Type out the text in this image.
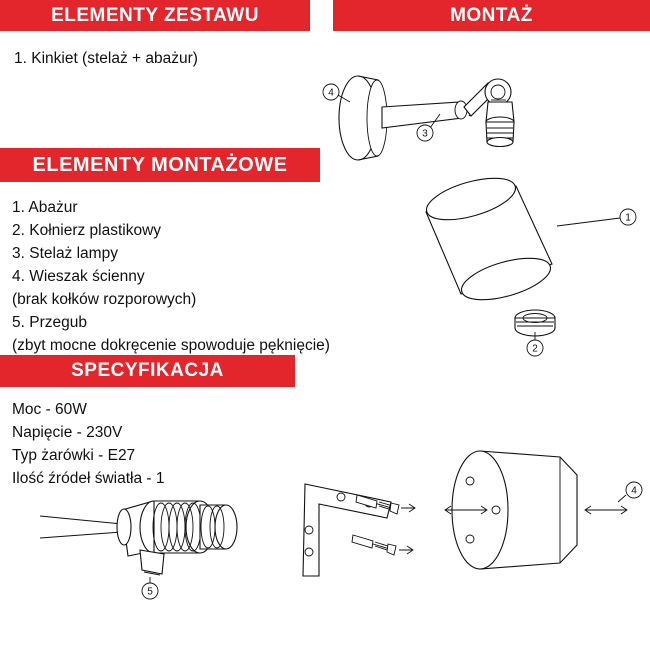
ELEMENTY ZESTAWU	MONTAŻ
ELEMENTY MONTAŻOWE
SPECYFIKACJA
1. Kinkiet (stelaż + abażur)
1. Abażur
2. Kołnierz plastikowy
3. Stelaż lampy
4. Wieszak ścienny
(brak kołków rozporowych)
5. Przegub
(zbyt mocne dokręcenie spowoduje pęknięcie)
Moc - 60W
Napięcie - 230V
Typ żarówki - E27
Ilość źródeł światła - 1
4
3
1
2
5
4
